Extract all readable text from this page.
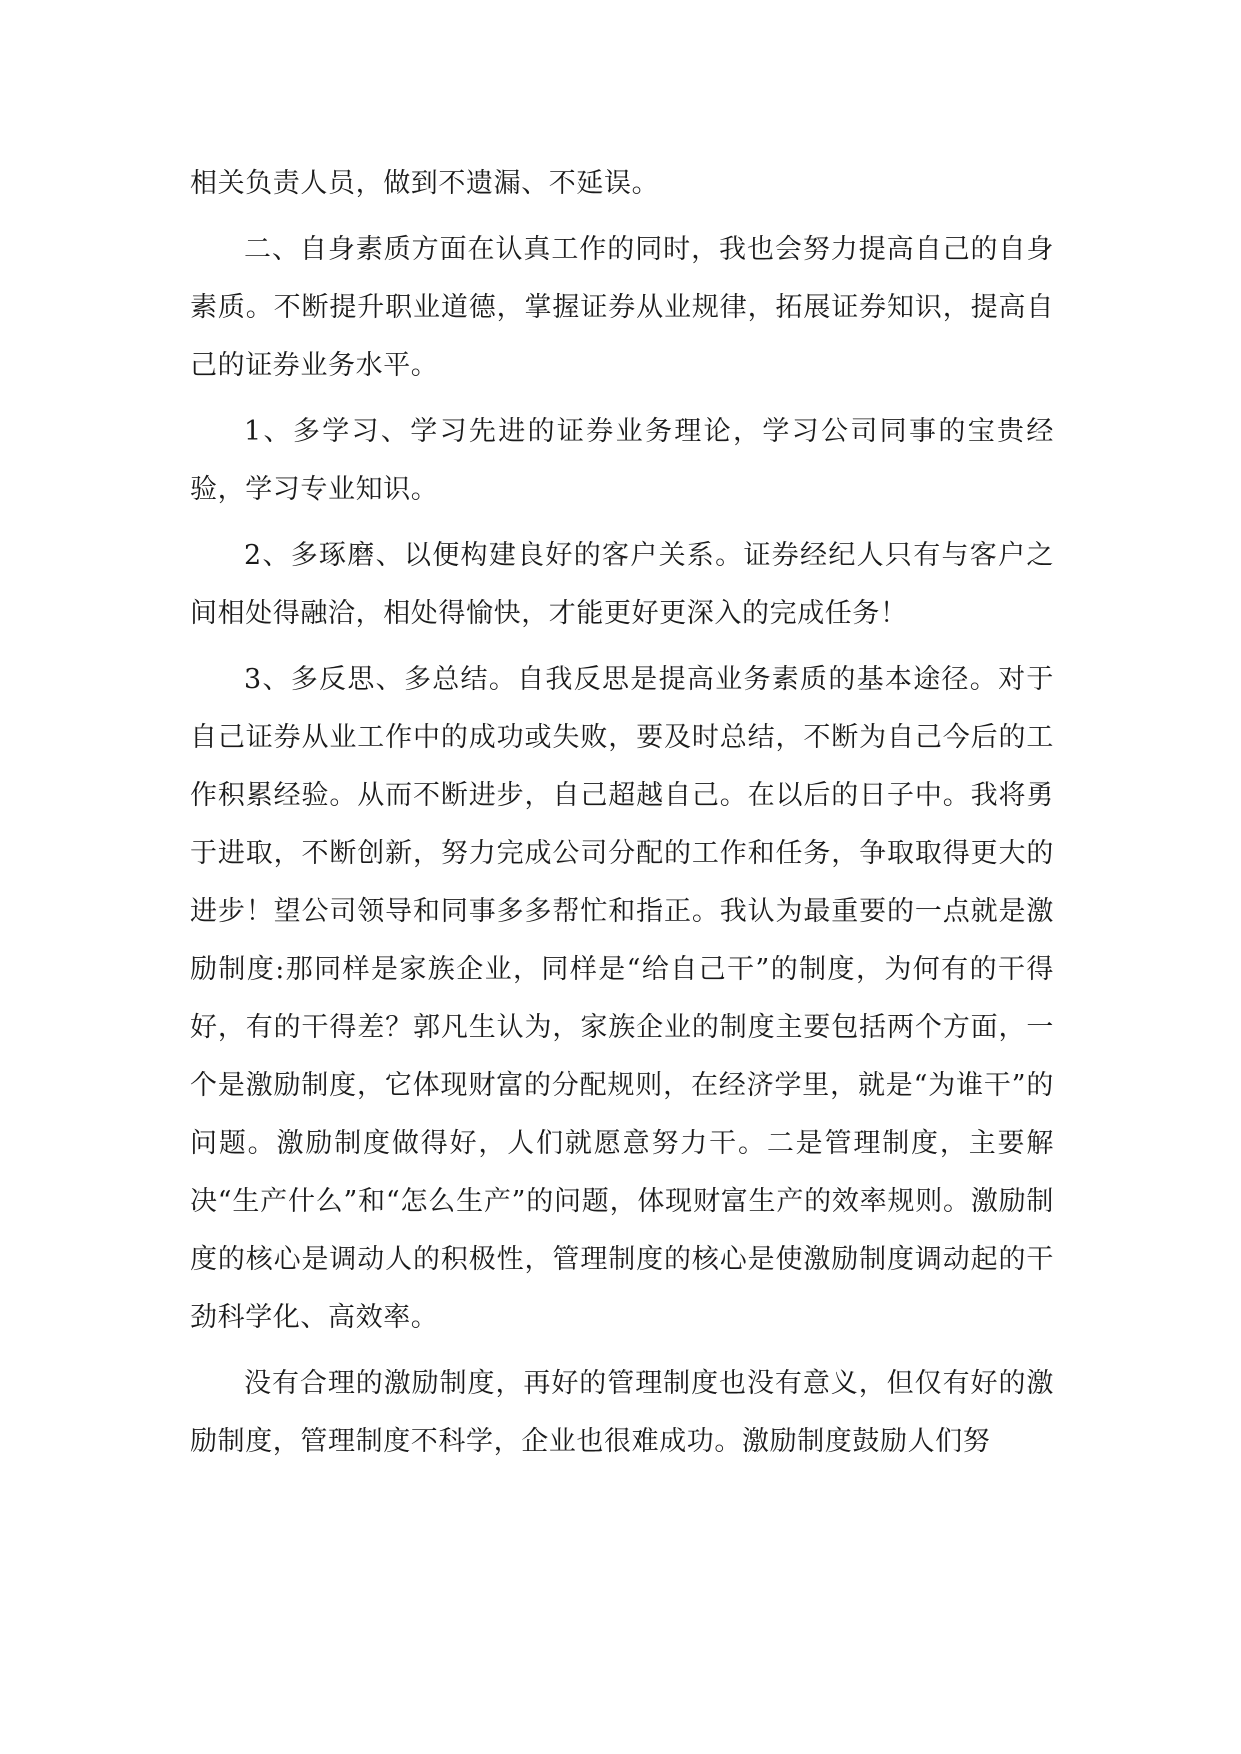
相关负责人员，做到不遗漏、不延误。

二、自身素质方面在认真工作的同时，我也会努力提高自己的自身素质。不断提升职业道德，掌握证券从业规律，拓展证券知识，提高自己的证券业务水平。

1、多学习、学习先进的证券业务理论，学习公司同事的宝贵经验，学习专业知识。

2、多琢磨、以便构建良好的客户关系。证券经纪人只有与客户之间相处得融洽，相处得愉快，才能更好更深入的完成任务！

3、多反思、多总结。自我反思是提高业务素质的基本途径。对于自己证券从业工作中的成功或失败，要及时总结，不断为自己今后的工作积累经验。从而不断进步，自己超越自己。在以后的日子中。我将勇于进取，不断创新，努力完成公司分配的工作和任务，争取取得更大的进步！望公司领导和同事多多帮忙和指正。我认为最重要的一点就是激励制度:那同样是家族企业，同样是“给自己干”的制度，为何有的干得好，有的干得差？郭凡生认为，家族企业的制度主要包括两个方面，一个是激励制度，它体现财富的分配规则，在经济学里，就是“为谁干”的问题。激励制度做得好，人们就愿意努力干。二是管理制度，主要解决“生产什么”和“怎么生产”的问题，体现财富生产的效率规则。激励制度的核心是调动人的积极性，管理制度的核心是使激励制度调动起的干劲科学化、高效率。

没有合理的激励制度，再好的管理制度也没有意义，但仅有好的激励制度，管理制度不科学，企业也很难成功。激励制度鼓励人们努
